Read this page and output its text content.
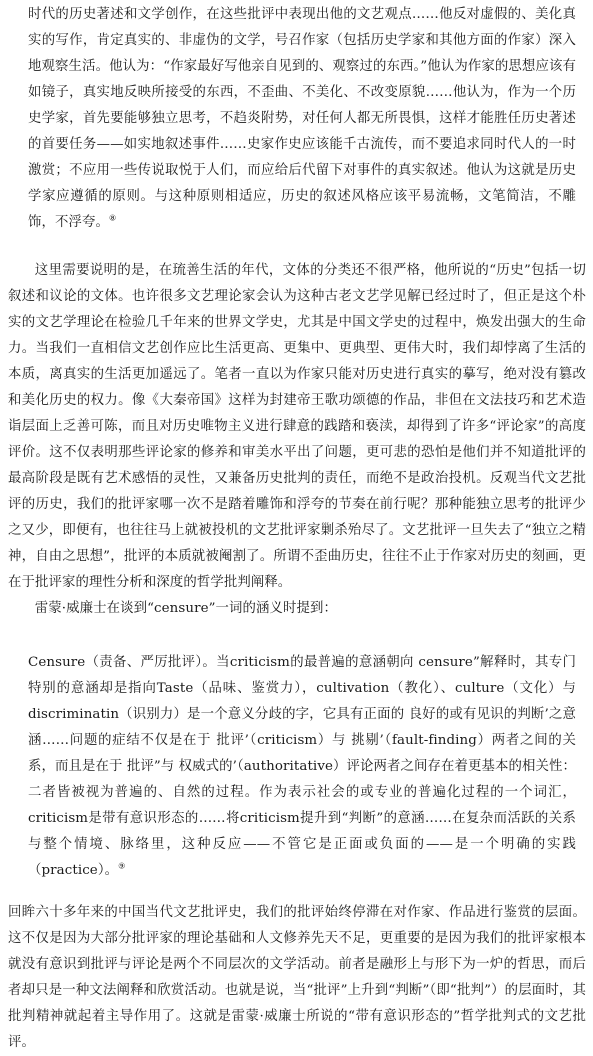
时代的历史著述和文学创作，在这些批评中表现出他的文艺观点……他反对虚假的、美化真实的写作，肯定真实的、非虚伪的文学，号召作家（包括历史学家和其他方面的作家）深入地观察生活。他认为：“作家最好写他亲自见到的、观察过的东西。”他认为作家的思想应该有如镜子，真实地反映所接受的东西，不歪曲、不美化、不改变原貌……他认为，作为一个历史学家，首先要能够独立思考，不趋炎附势，对任何人都无所畏惧，这样才能胜任历史著述的首要任务——如实地叙述事件……史家作史应该能千古流传，而不要追求同时代人的一时激赏；不应用一些传说取悦于人们，而应给后代留下对事件的真实叙述。他认为这就是历史学家应遵循的原则。与这种原则相适应，历史的叙述风格应该平易流畅，文笔简洁，不雕饰，不浮夸。⑧

这里需要说明的是，在琉善生活的年代，文体的分类还不很严格，他所说的“历史”包括一切叙述和议论的文体。也许很多文艺理论家会认为这种古老文艺学见解已经过时了，但正是这个朴实的文艺学理论在检验几千年来的世界文学史，尤其是中国文学史的过程中，焕发出强大的生命力。当我们一直相信文艺创作应比生活更高、更集中、更典型、更伟大时，我们却悖离了生活的本质，离真实的生活更加遥远了。笔者一直以为作家只能对历史进行真实的摹写，绝对没有篡改和美化历史的权力。像《大秦帝国》这样为封建帝王歌功颂德的作品，非但在文法技巧和艺术造诣层面上乏善可陈，而且对历史唯物主义进行肆意的践踏和亵渎，却得到了许多“评论家”的高度评价。这不仅表明那些评论家的修养和审美水平出了问题，更可悲的恐怕是他们并不知道批评的最高阶段是既有艺术感悟的灵性，又兼备历史批判的责任，而绝不是政治投机。反观当代文艺批评的历史，我们的批评家哪一次不是踏着雕饰和浮夸的节奏在前行呢？那种能独立思考的批评少之又少，即便有，也往往马上就被投机的文艺批评家剿杀殆尽了。文艺批评一旦失去了“独立之精神，自由之思想”，批评的本质就被阉割了。所谓不歪曲历史，往往不止于作家对历史的刻画，更在于批评家的理性分析和深度的哲学批判阐释。
雷蒙·威廉士在谈到“censure”一词的涵义时提到：

Censure（责备、严厉批评）。当criticism的最普遍的意涵朝向 censure”解释时，其专门特别的意涵却是指向Taste（品味、鉴赏力），cultivation（教化）、culture（文化）与discriminatin（识别力）是一个意义分歧的字，它具有正面的 良好的或有见识的判断’之意涵……问题的症结不仅是在于 批评’（criticism）与 挑剔’（fault-finding）两者之间的关系，而且是在于 批评”与 权威式的’（authoritative）评论两者之间存在着更基本的相关性：二者皆被视为普遍的、自然的过程。作为表示社会的或专业的普遍化过程的一个词汇，criticism是带有意识形态的……将criticism提升到“判断”的意涵……在复杂而活跃的关系与整个情境、脉络里，这种反应——不管它是正面或负面的——是一个明确的实践（practice）。⑨

回眸六十多年来的中国当代文艺批评史，我们的批评始终停滞在对作家、作品进行鉴赏的层面。这不仅是因为大部分批评家的理论基础和人文修养先天不足，更重要的是因为我们的批评家根本就没有意识到批评与评论是两个不同层次的文学活动。前者是融形上与形下为一炉的哲思，而后者却只是一种文法阐释和欣赏活动。也就是说，当“批评”上升到“判断”（即“批判”）的层面时，其批判精神就起着主导作用了。这就是雷蒙·威廉士所说的“带有意识形态的”哲学批判式的文艺批评。
